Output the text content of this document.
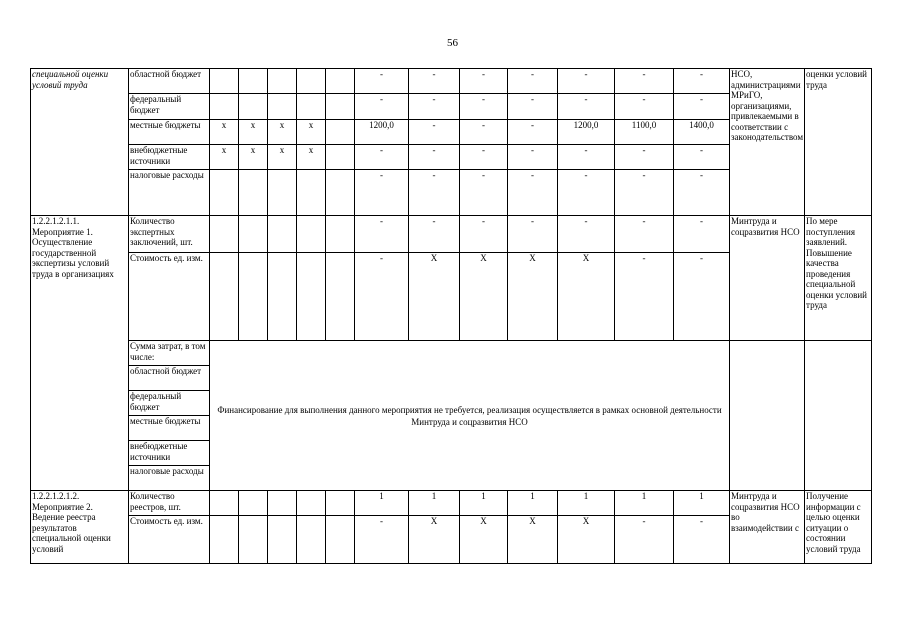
56
специальной оценки условий труда	областной бюджет						-	-	-	-	-	-	-	НСО, администрациями МРиГО, организациями, привлекаемыми в соответствии с законодательством	оценки условий труда
	федеральный бюджет						-	-	-	-	-	-	-		
	местные бюджеты	x	x	x	x		1200,0	-	-	-	1200,0	1100,0	1400,0		
	внебюджетные источники	x	x	x	x		-	-	-	-	-	-	-		
	налоговые расходы						-	-	-	-	-	-	-		
1.2.2.1.2.1.1. Мероприятие 1. Осуществление государственной экспертизы условий труда в организациях	Количество экспертных заключений, шт.						-	-	-	-	-	-	-	Минтруда и соцразвития НСО	По мере поступления заявлений. Повышение качества проведения специальной оценки условий труда
	Стоимость ед. изм.						-	X	X	X	X	-	-		
	Сумма затрат, в том числе:	Финансирование для выполнения данного мероприятия не требуется, реализация осуществляется в рамках основной деятельности Минтруда и соцразвития НСО													
	областной бюджет														
	федеральный бюджет														
	местные бюджеты														
	внебюджетные источники														
	налоговые расходы														
1.2.2.1.2.1.2. Мероприятие 2. Ведение реестра результатов специальной оценки условий	Количество реестров, шт.						1	1	1	1	1	1	1	Минтруда и соцразвития НСО во взаимодействии с	Получение информации с целью оценки ситуации о состоянии условий труда
	Стоимость ед. изм.						-	X	X	X	X	-	-		
